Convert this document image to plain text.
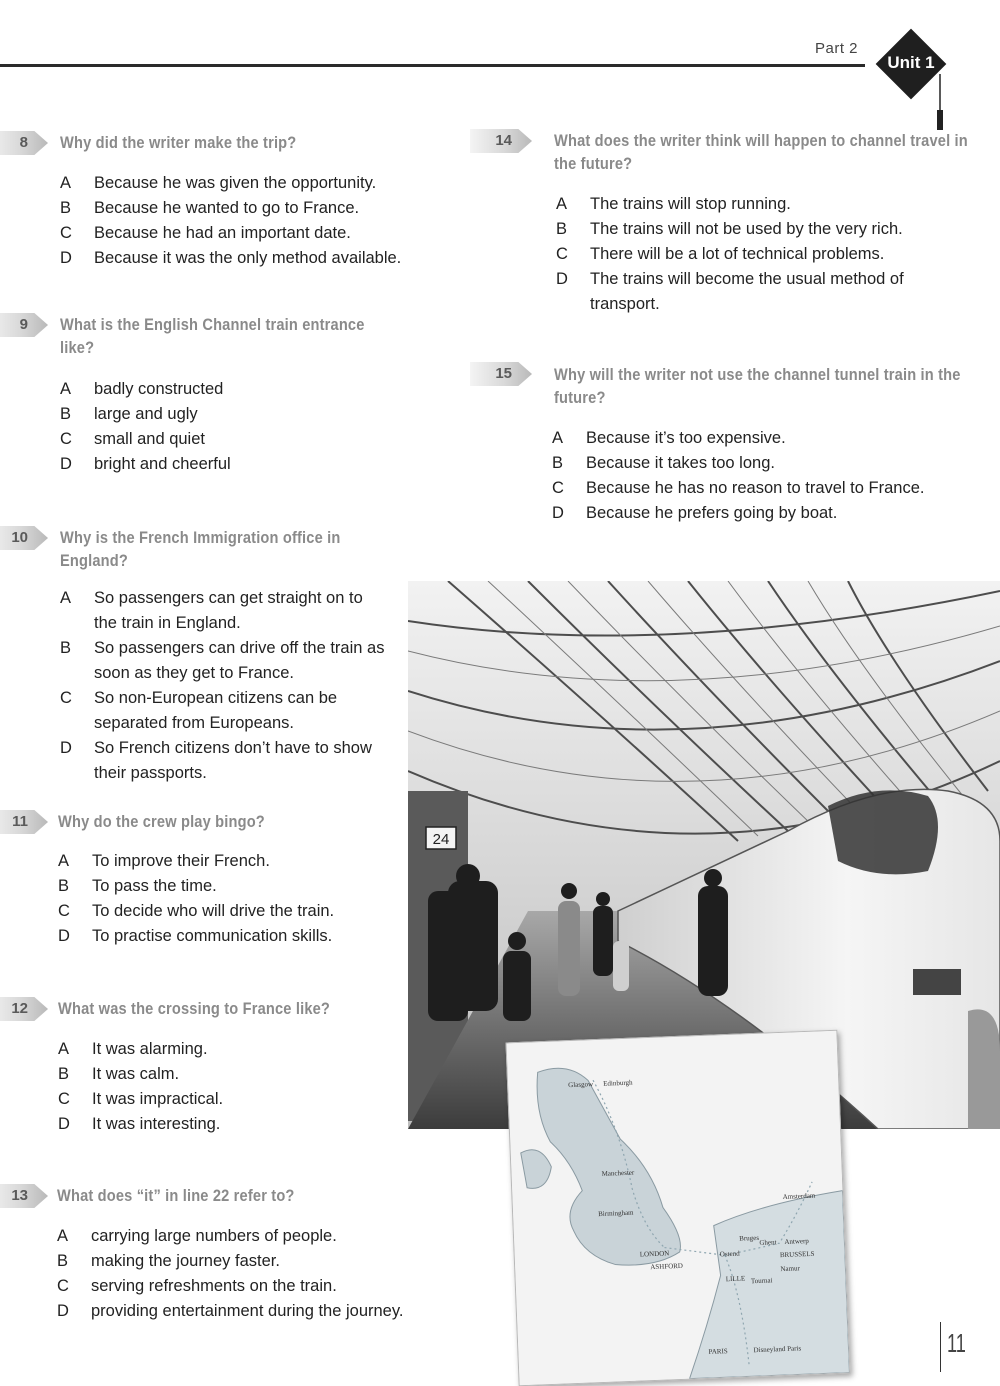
Part 2
Unit 1
8 Why did the writer make the trip?
A	Because he was given the opportunity.
B	Because he wanted to go to France.
C	Because he had an important date.
D	Because it was the only method available.
9 What is the English Channel train entrance like?
A	badly constructed
B	large and ugly
C	small and quiet
D	bright and cheerful
10 Why is the French Immigration office in England?
A	So passengers can get straight on to the train in England.
B	So passengers can drive off the train as soon as they get to France.
C	So non-European citizens can be separated from Europeans.
D	So French citizens don’t have to show their passports.
11 Why do the crew play bingo?
A	To improve their French.
B	To pass the time.
C	To decide who will drive the train.
D	To practise communication skills.
12 What was the crossing to France like?
A	It was alarming.
B	It was calm.
C	It was impractical.
D	It was interesting.
13 What does “it” in line 22 refer to?
A	carrying large numbers of people.
B	making the journey faster.
C	serving refreshments on the train.
D	providing entertainment during the journey.
14 What does the writer think will happen to channel travel in the future?
A	The trains will stop running.
B	The trains will not be used by the very rich.
C	There will be a lot of technical problems.
D	The trains will become the usual method of transport.
15 Why will the writer not use the channel tunnel train in the future?
A	Because it’s too expensive.
B	Because it takes too long.
C	Because he has no reason to travel to France.
D	Because he prefers going by boat.
24
Glasgow Edinburgh
Manchester
Birmingham
LONDON
ASHFORD
Amsterdam
Antwerp
Bruges Ghent
Ostend	BRUSSELS
Namur
LILLE Tournai
PARIS	Disneyland Paris	11
